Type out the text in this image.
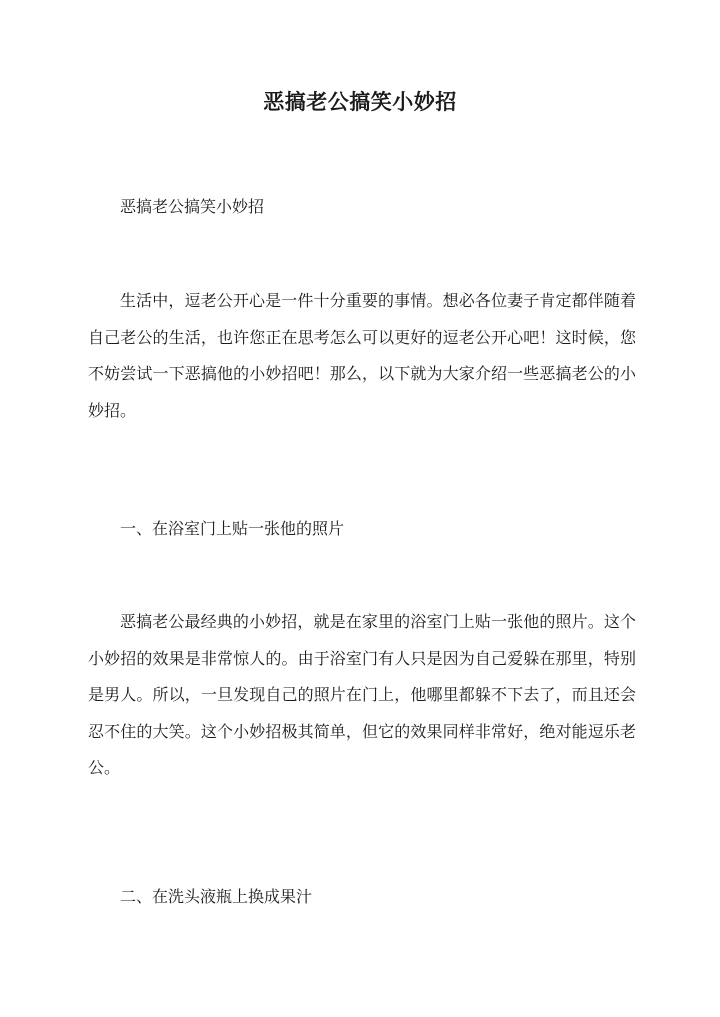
恶搞老公搞笑小妙招

恶搞老公搞笑小妙招

生活中，逗老公开心是一件十分重要的事情。想必各位妻子肯定都伴随着自己老公的生活，也许您正在思考怎么可以更好的逗老公开心吧！这时候，您不妨尝试一下恶搞他的小妙招吧！那么，以下就为大家介绍一些恶搞老公的小妙招。

一、在浴室门上贴一张他的照片

恶搞老公最经典的小妙招，就是在家里的浴室门上贴一张他的照片。这个小妙招的效果是非常惊人的。由于浴室门有人只是因为自己爱躲在那里，特别是男人。所以，一旦发现自己的照片在门上，他哪里都躲不下去了，而且还会忍不住的大笑。这个小妙招极其简单，但它的效果同样非常好，绝对能逗乐老公。

二、在洗头液瓶上换成果汁
